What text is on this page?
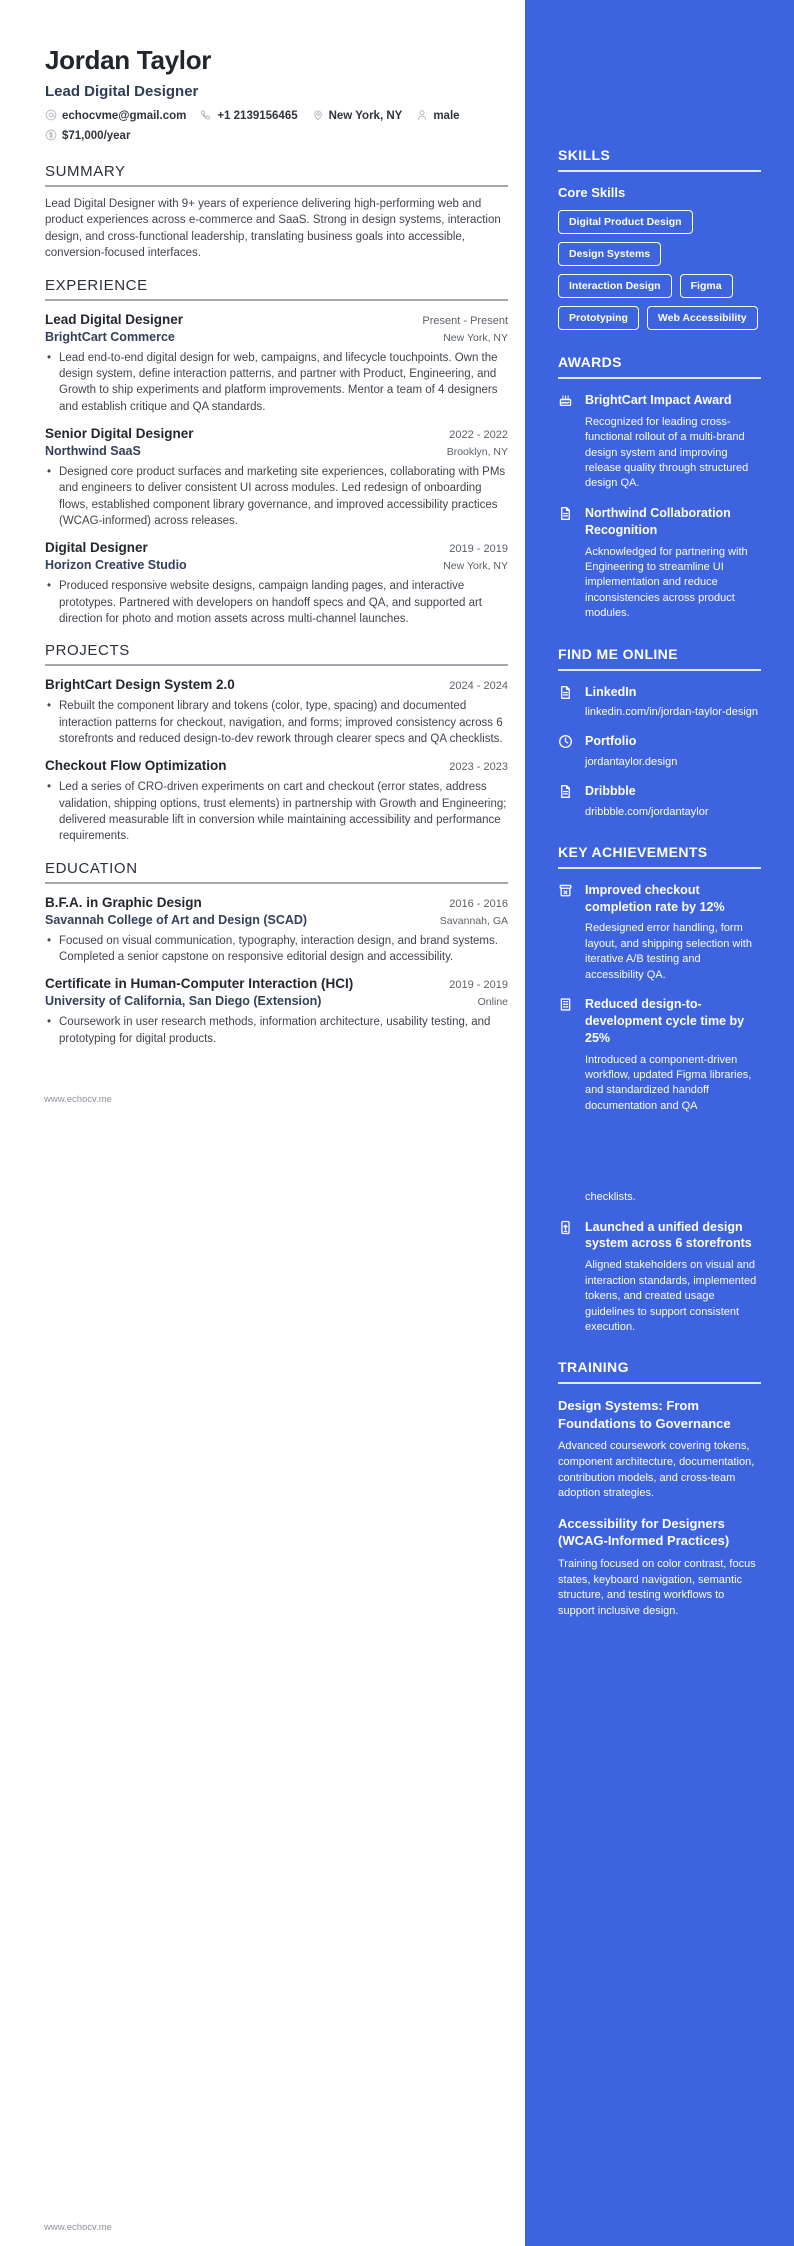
Jordan Taylor
Lead Digital Designer
echocvme@gmail.com	+1 2139156465	New York, NY	male
$71,000/year
SUMMARY
Lead Digital Designer with 9+ years of experience delivering high-performing web and product experiences across e-commerce and SaaS. Strong in design systems, interaction design, and cross-functional leadership, translating business goals into accessible, conversion-focused interfaces.
EXPERIENCE
Lead Digital Designer	Present - Present
BrightCart Commerce	New York, NY
• Lead end-to-end digital design for web, campaigns, and lifecycle touchpoints. Own the design system, define interaction patterns, and partner with Product, Engineering, and Growth to ship experiments and platform improvements. Mentor a team of 4 designers and establish critique and QA standards.
Senior Digital Designer	2022 - 2022
Northwind SaaS	Brooklyn, NY
• Designed core product surfaces and marketing site experiences, collaborating with PMs and engineers to deliver consistent UI across modules. Led redesign of onboarding flows, established component library governance, and improved accessibility practices (WCAG-informed) across releases.
Digital Designer	2019 - 2019
Horizon Creative Studio	New York, NY
• Produced responsive website designs, campaign landing pages, and interactive prototypes. Partnered with developers on handoff specs and QA, and supported art direction for photo and motion assets across multi-channel launches.
PROJECTS
BrightCart Design System 2.0	2024 - 2024
• Rebuilt the component library and tokens (color, type, spacing) and documented interaction patterns for checkout, navigation, and forms; improved consistency across 6 storefronts and reduced design-to-dev rework through clearer specs and QA checklists.
Checkout Flow Optimization	2023 - 2023
• Led a series of CRO-driven experiments on cart and checkout (error states, address validation, shipping options, trust elements) in partnership with Growth and Engineering; delivered measurable lift in conversion while maintaining accessibility and performance requirements.
EDUCATION
B.F.A. in Graphic Design	2016 - 2016
Savannah College of Art and Design (SCAD)	Savannah, GA
• Focused on visual communication, typography, interaction design, and brand systems. Completed a senior capstone on responsive editorial design and accessibility.
Certificate in Human-Computer Interaction (HCI)	2019 - 2019
University of California, San Diego (Extension)	Online
• Coursework in user research methods, information architecture, usability testing, and prototyping for digital products.
www.echocv.me
www.echocv.me
SKILLS
Core Skills
Digital Product Design
Design Systems
Interaction Design	Figma
Prototyping	Web Accessibility
AWARDS
BrightCart Impact Award
Recognized for leading cross-functional rollout of a multi-brand design system and improving release quality through structured design QA.
Northwind Collaboration Recognition
Acknowledged for partnering with Engineering to streamline UI implementation and reduce inconsistencies across product modules.
FIND ME ONLINE
LinkedIn
linkedin.com/in/jordan-taylor-design
Portfolio
jordantaylor.design
Dribbble
dribbble.com/jordantaylor
KEY ACHIEVEMENTS
Improved checkout completion rate by 12%
Redesigned error handling, form layout, and shipping selection with iterative A/B testing and accessibility QA.
Reduced design-to-development cycle time by 25%
Introduced a component-driven workflow, updated Figma libraries, and standardized handoff documentation and QA
checklists.
Launched a unified design system across 6 storefronts
Aligned stakeholders on visual and interaction standards, implemented tokens, and created usage guidelines to support consistent execution.
TRAINING
Design Systems: From Foundations to Governance
Advanced coursework covering tokens, component architecture, documentation, contribution models, and cross-team adoption strategies.
Accessibility for Designers (WCAG-Informed Practices)
Training focused on color contrast, focus states, keyboard navigation, semantic structure, and testing workflows to support inclusive design.
